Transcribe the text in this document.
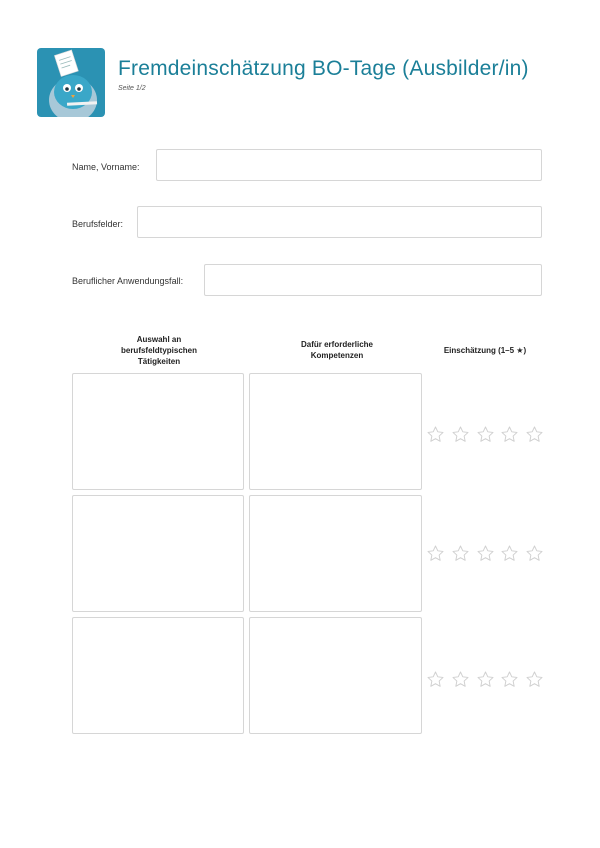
Fremdeinschätzung BO-Tage (Ausbilder/in)
Seite 1/2
Name, Vorname:
Berufsfelder:
Beruflicher Anwendungsfall:
Auswahl an berufsfeldtypischen Tätigkeiten
Dafür erforderliche Kompetenzen
Einschätzung (1–5 ★)
